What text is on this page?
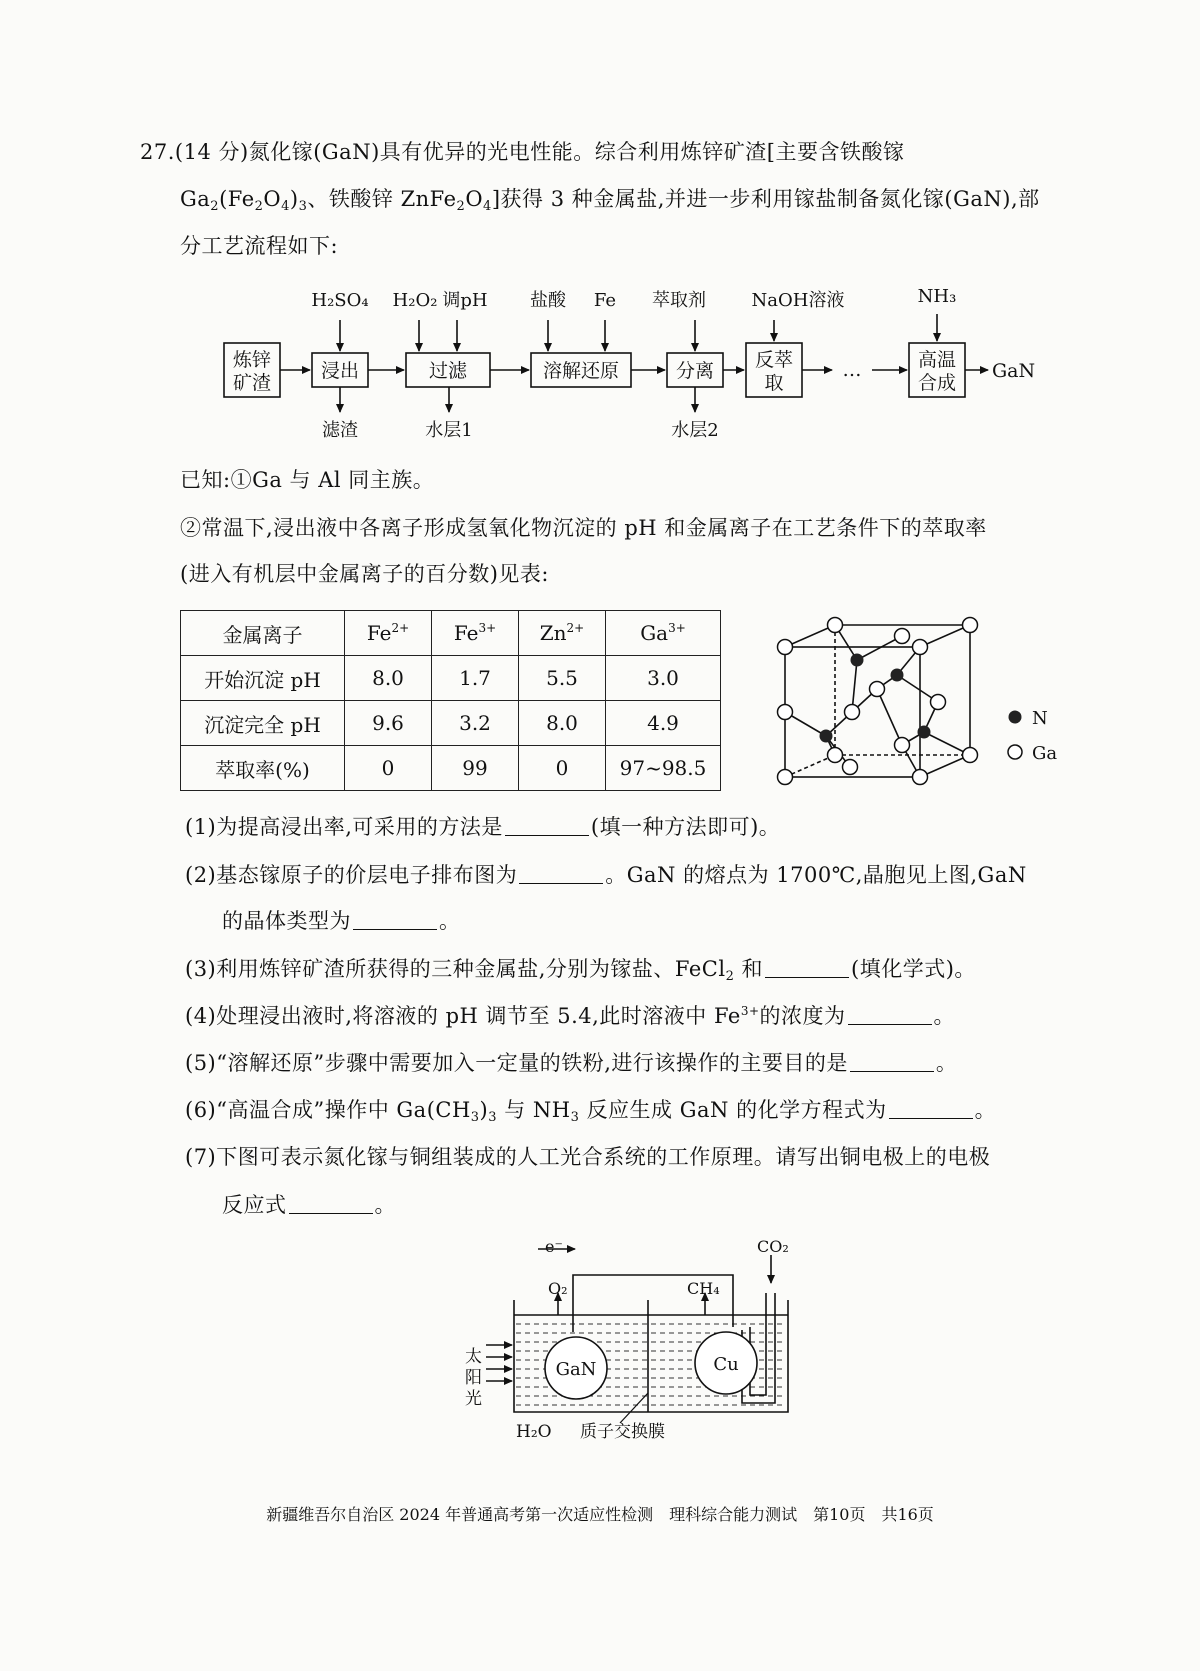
27.(14 分)氮化镓(GaN)具有优异的光电性能。综合利用炼锌矿渣[主要含铁酸镓
$Ga_2(Fe_2O_4)_3$、铁酸锌 $ZnFe_2O_4$]获得 3 种金属盐,并进一步利用镓盐制备氮化镓(GaN),部
分工艺流程如下:
炼锌
矿渣
浸出	过滤	溶解还原	分离 反萃
取
…	高温
合成
GaN
H₂SO₄ H₂O₂ 调pH 盐酸 Fe 萃取剂	NaOH溶液	NH₃
滤渣	水层1	水层2
已知:①Ga 与 Al 同主族。
②常温下,浸出液中各离子形成氢氧化物沉淀的 pH 和金属离子在工艺条件下的萃取率
(进入有机层中金属离子的百分数)见表:
金属离子	$Fe^{2+}$	$Fe^{3+}$	$Zn^{2+}$	$Ga^{3+}$
开始沉淀 pH	8.0	1.7	5.5	3.0
沉淀完全 pH	9.6	3.2	8.0	4.9
萃取率(%)	0	99	0	97~98.5
N
Ga
(1)为提高浸出率,可采用的方法是	(填一种方法即可)。
(2)基态镓原子的价层电子排布图为	。GaN 的熔点为 1700℃,晶胞见上图,GaN
的晶体类型为	。
(3)利用炼锌矿渣所获得的三种金属盐,分别为镓盐、FeCl$_2$ 和	(填化学式)。
(4)处理浸出液时,将溶液的 pH 调节至 5.4,此时溶液中 $Fe^{3+}$的浓度为	。
(5)“溶解还原”步骤中需要加入一定量的铁粉,进行该操作的主要目的是	。
(6)“高温合成”操作中 $Ga(CH_3)_3$ 与 $NH_3$ 反应生成 GaN 的化学方程式为	。
(7)下图可表示氮化镓与铜组装成的人工光合系统的工作原理。请写出铜电极上的电极
反应式	。
GaN	Cu
e⁻
O₂	CH₄
CO₂
太
阳
光
H₂O 质子交换膜
新疆维吾尔自治区 2024 年普通高考第一次适应性检测　理科综合能力测试　第10页　共16页
